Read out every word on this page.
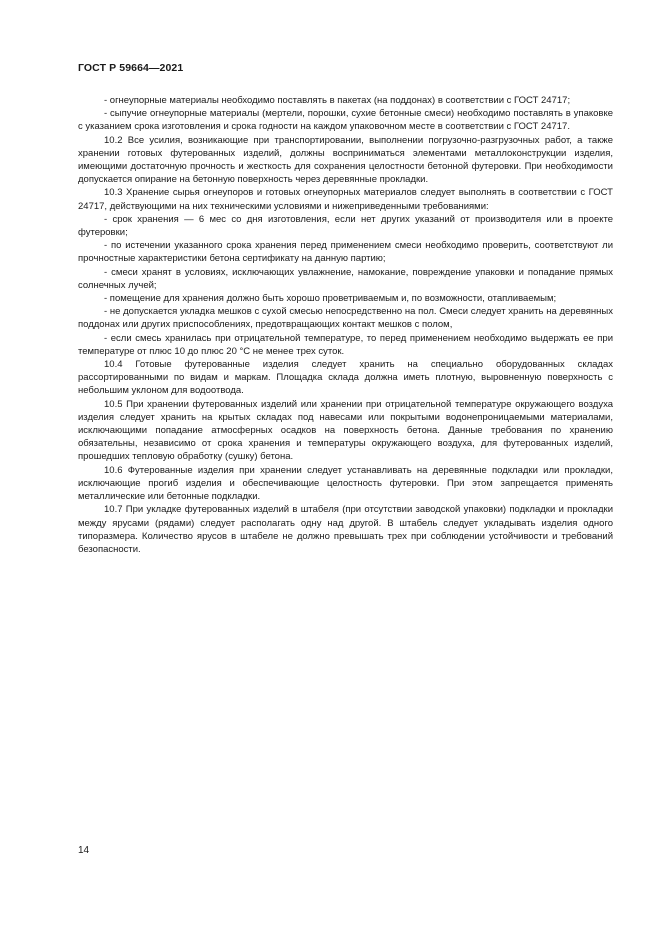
ГОСТ Р 59664—2021

- огнеупорные материалы необходимо поставлять в пакетах (на поддонах) в соответствии с ГОСТ 24717;

- сыпучие огнеупорные материалы (мертели, порошки, сухие бетонные смеси) необходимо поставлять в упаковке с указанием срока изготовления и срока годности на каждом упаковочном месте в соответствии с ГОСТ 24717.

10.2 Все усилия, возникающие при транспортировании, выполнении погрузочно-разгрузочных работ, а также хранении готовых футерованных изделий, должны восприниматься элементами металлоконструкции изделия, имеющими достаточную прочность и жесткость для сохранения целостности бетонной футеровки. При необходимости допускается опирание на бетонную поверхность через деревянные прокладки.

10.3 Хранение сырья огнеупоров и готовых огнеупорных материалов следует выполнять в соответствии с ГОСТ 24717, действующими на них техническими условиями и нижеприведенными требованиями:

- срок хранения — 6 мес со дня изготовления, если нет других указаний от производителя или в проекте футеровки;

- по истечении указанного срока хранения перед применением смеси необходимо проверить, соответствуют ли прочностные характеристики бетона сертификату на данную партию;

- смеси хранят в условиях, исключающих увлажнение, намокание, повреждение упаковки и попадание прямых солнечных лучей;

- помещение для хранения должно быть хорошо проветриваемым и, по возможности, отапливаемым;

- не допускается укладка мешков с сухой смесью непосредственно на пол. Смеси следует хранить на деревянных поддонах или других приспособлениях, предотвращающих контакт мешков с полом,

- если смесь хранилась при отрицательной температуре, то перед применением необходимо выдержать ее при температуре от плюс 10 до плюс 20 °С не менее трех суток.

10.4 Готовые футерованные изделия следует хранить на специально оборудованных складах рассортированными по видам и маркам. Площадка склада должна иметь плотную, выровненную поверхность с небольшим уклоном для водоотвода.

10.5 При хранении футерованных изделий или хранении при отрицательной температуре окружающего воздуха изделия следует хранить на крытых складах под навесами или покрытыми водонепроницаемыми материалами, исключающими попадание атмосферных осадков на поверхность бетона. Данные требования по хранению обязательны, независимо от срока хранения и температуры окружающего воздуха, для футерованных изделий, прошедших тепловую обработку (сушку) бетона.

10.6 Футерованные изделия при хранении следует устанавливать на деревянные подкладки или прокладки, исключающие прогиб изделия и обеспечивающие целостность футеровки. При этом запрещается применять металлические или бетонные подкладки.

10.7 При укладке футерованных изделий в штабеля (при отсутствии заводской упаковки) подкладки и прокладки между ярусами (рядами) следует располагать одну над другой. В штабель следует укладывать изделия одного типоразмера. Количество ярусов в штабеле не должно превышать трех при соблюдении устойчивости и требований безопасности.

14
